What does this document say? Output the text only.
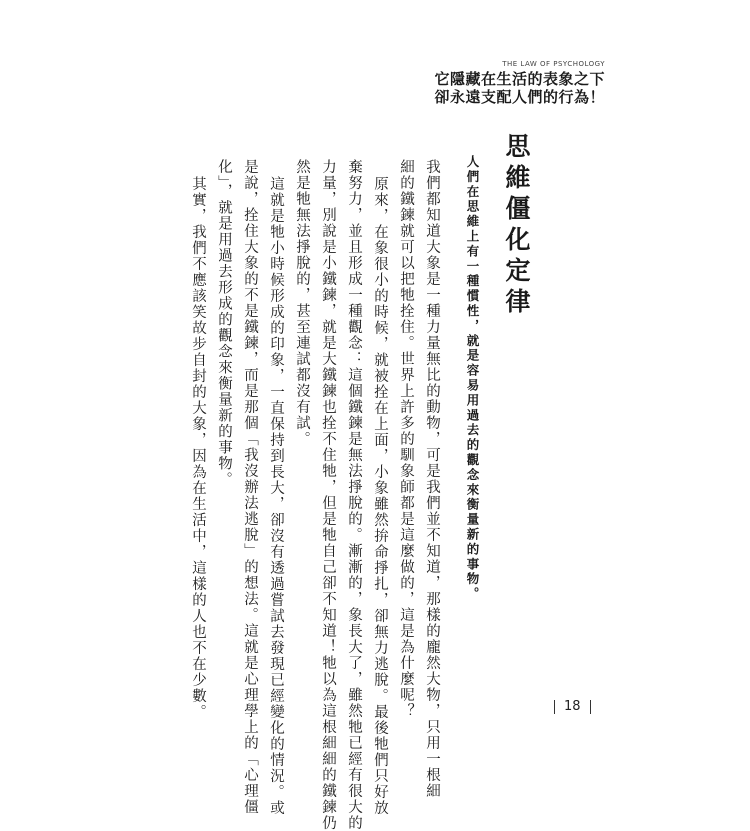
THE LAW OF PSYCHOLOGY
它隱藏在生活的表象之下
卻永遠支配人們的行為！
思維僵化定律
人們在思維上有一種慣性，就是容易用過去的觀念來衡量新的事物。
我們都知道大象是一種力量無比的動物，可是我們並不知道，那樣的龐然大物，只用一根細
細的鐵鍊就可以把牠拴住。世界上許多的馴象師都是這麼做的，這是為什麼呢？
原來，在象很小的時候，就被拴在上面，小象雖然拚命掙扎，卻無力逃脫。最後牠們只好放
棄努力，並且形成一種觀念：這個鐵鍊是無法掙脫的。漸漸的，象長大了，雖然牠已經有很大的
力量，別說是小鐵鍊，就是大鐵鍊也拴不住牠，但是牠自己卻不知道！牠以為這根細細的鐵鍊仍
然是牠無法掙脫的，甚至連試都沒有試。
這就是牠小時候形成的印象，一直保持到長大，卻沒有透過嘗試去發現已經變化的情況。或
是說，拴住大象的不是鐵鍊，而是那個「我沒辦法逃脫」的想法。這就是心理學上的「心理僵
化」，就是用過去形成的觀念來衡量新的事物。
其實，我們不應該笑故步自封的大象，因為在生活中，這樣的人也不在少數。	18
